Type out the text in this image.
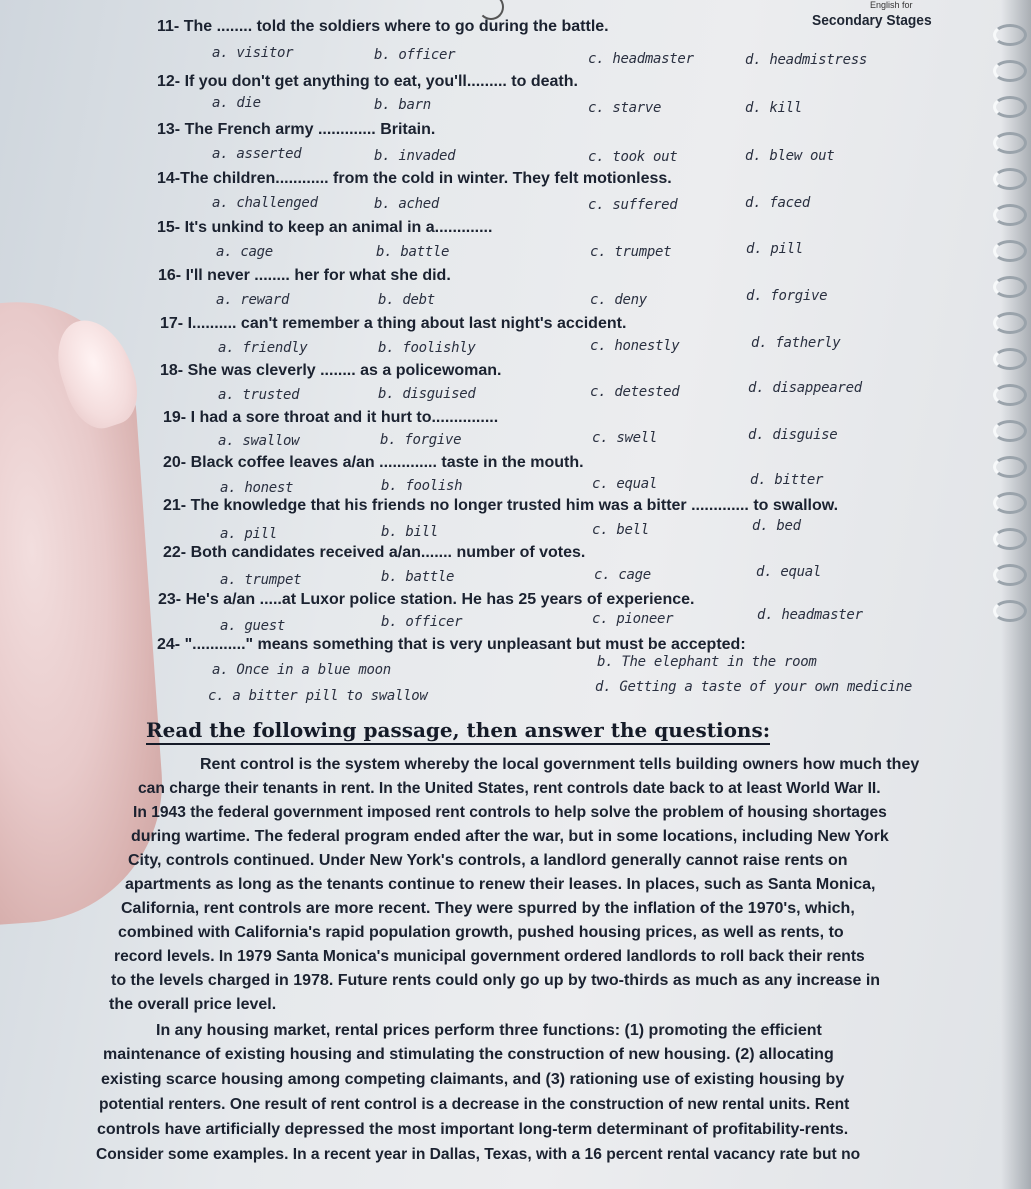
English for
Secondary Stages
11- The ........ told the soldiers where to go during the battle.
a. visitor	b. officer	c. headmaster	d. headmistress
12- If you don't get anything to eat, you'll......... to death.
a. die	b. barn	c. starve	d. kill
13- The French army ............. Britain.
a. asserted	b. invaded	c. took out	d. blew out
14-The children............ from the cold in winter. They felt motionless.
a. challenged	b. ached	c. suffered	d. faced
15- It's unkind to keep an animal in a.............
a. cage	b. battle	c. trumpet	d. pill
16- I'll never ........ her for what she did.
a. reward	b. debt	c. deny	d. forgive
17- I.......... can't remember a thing about last night's accident.
a. friendly	b. foolishly	c. honestly	d. fatherly
18- She was cleverly ........ as a policewoman.
a. trusted	b. disguised	c. detested	d. disappeared
19- I had a sore throat and it hurt to...............
a. swallow	b. forgive	c. swell	d. disguise
20- Black coffee leaves a/an ............. taste in the mouth.
a. honest	b. foolish	c. equal	d. bitter
21- The knowledge that his friends no longer trusted him was a bitter ............. to swallow.
a. pill	b. bill	c. bell	d. bed
22- Both candidates received a/an....... number of votes.
a. trumpet	b. battle	c. cage	d. equal
23- He's a/an .....at Luxor police station. He has 25 years of experience.
a. guest	b. officer	c. pioneer	d. headmaster
24- "............" means something that is very unpleasant but must be accepted:
a. Once in a blue moon	b. The elephant in the room
c. a bitter pill to swallow
d. Getting a taste of your own medicine
Read the following passage, then answer the questions:
Rent control is the system whereby the local government tells building owners how much they
can charge their tenants in rent. In the United States, rent controls date back to at least World War II.
In 1943 the federal government imposed rent controls to help solve the problem of housing shortages
during wartime. The federal program ended after the war, but in some locations, including New York
City, controls continued. Under New York's controls, a landlord generally cannot raise rents on
apartments as long as the tenants continue to renew their leases. In places, such as Santa Monica,
California, rent controls are more recent. They were spurred by the inflation of the 1970's, which,
combined with California's rapid population growth, pushed housing prices, as well as rents, to
record levels. In 1979 Santa Monica's municipal government ordered landlords to roll back their rents
to the levels charged in 1978. Future rents could only go up by two-thirds as much as any increase in
the overall price level.
In any housing market, rental prices perform three functions: (1) promoting the efficient
maintenance of existing housing and stimulating the construction of new housing. (2) allocating
existing scarce housing among competing claimants, and (3) rationing use of existing housing by
potential renters. One result of rent control is a decrease in the construction of new rental units. Rent
controls have artificially depressed the most important long-term determinant of profitability-rents.
Consider some examples. In a recent year in Dallas, Texas, with a 16 percent rental vacancy rate but no
